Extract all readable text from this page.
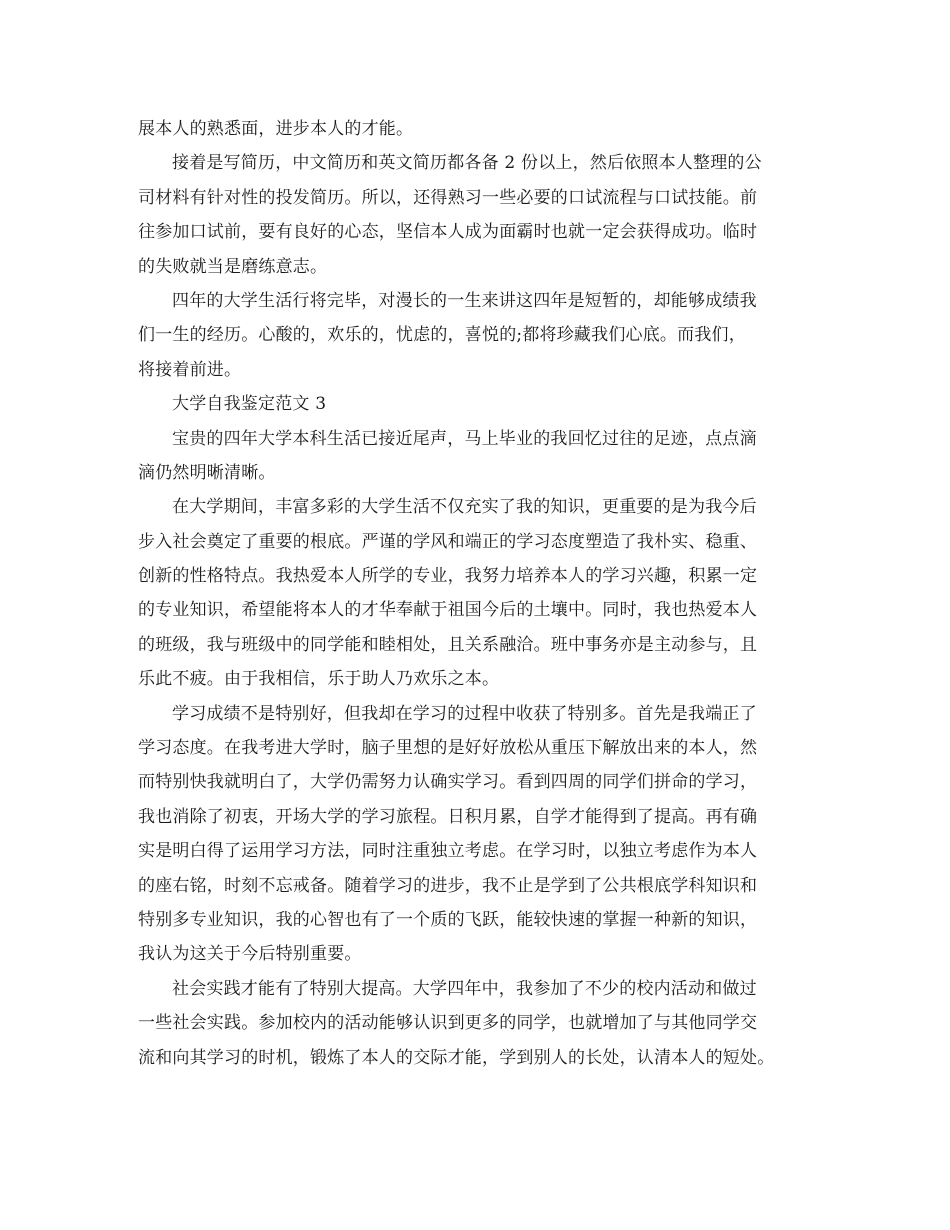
展本人的熟悉面，进步本人的才能。
接着是写简历，中文简历和英文简历都各备 2 份以上，然后依照本人整理的公
司材料有针对性的投发简历。所以，还得熟习一些必要的口试流程与口试技能。前
往参加口试前，要有良好的心态，坚信本人成为面霸时也就一定会获得成功。临时
的失败就当是磨练意志。
四年的大学生活行将完毕，对漫长的一生来讲这四年是短暂的，却能够成绩我
们一生的经历。心酸的，欢乐的，忧虑的，喜悦的;都将珍藏我们心底。而我们，
将接着前进。
大学自我鉴定范文 3
宝贵的四年大学本科生活已接近尾声，马上毕业的我回忆过往的足迹，点点滴
滴仍然明晰清晰。
在大学期间，丰富多彩的大学生活不仅充实了我的知识，更重要的是为我今后
步入社会奠定了重要的根底。严谨的学风和端正的学习态度塑造了我朴实、稳重、
创新的性格特点。我热爱本人所学的专业，我努力培养本人的学习兴趣，积累一定
的专业知识，希望能将本人的才华奉献于祖国今后的土壤中。同时，我也热爱本人
的班级，我与班级中的同学能和睦相处，且关系融洽。班中事务亦是主动参与，且
乐此不疲。由于我相信，乐于助人乃欢乐之本。
学习成绩不是特别好，但我却在学习的过程中收获了特别多。首先是我端正了
学习态度。在我考进大学时，脑子里想的是好好放松从重压下解放出来的本人，然
而特别快我就明白了，大学仍需努力认确实学习。看到四周的同学们拼命的学习，
我也消除了初衷，开场大学的学习旅程。日积月累，自学才能得到了提高。再有确
实是明白得了运用学习方法，同时注重独立考虑。在学习时，以独立考虑作为本人
的座右铭，时刻不忘戒备。随着学习的进步，我不止是学到了公共根底学科知识和
特别多专业知识，我的心智也有了一个质的飞跃，能较快速的掌握一种新的知识，
我认为这关于今后特别重要。
社会实践才能有了特别大提高。大学四年中，我参加了不少的校内活动和做过
一些社会实践。参加校内的活动能够认识到更多的同学，也就增加了与其他同学交
流和向其学习的时机，锻炼了本人的交际才能，学到别人的长处，认清本人的短处。
